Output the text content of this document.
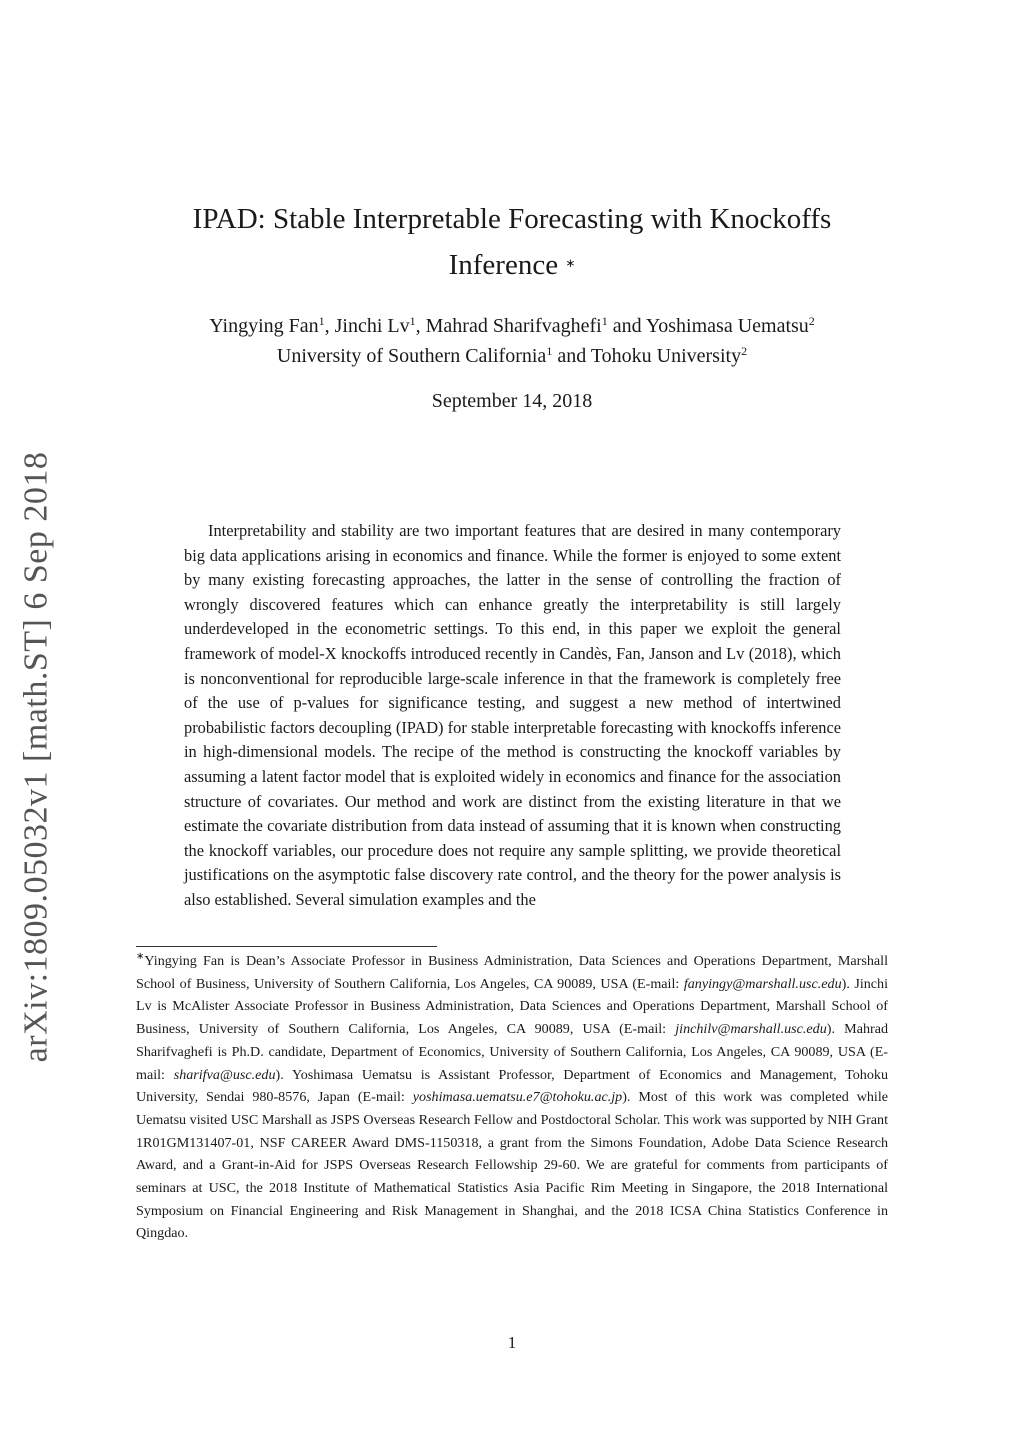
arXiv:1809.05032v1 [math.ST] 6 Sep 2018
IPAD: Stable Interpretable Forecasting with Knockoffs
Inference ∗
Yingying Fan$^1$, Jinchi Lv$^1$, Mahrad Sharifvaghefi$^1$ and Yoshimasa Uematsu$^2$
University of Southern California$^1$ and Tohoku University$^2$
September 14, 2018

Interpretability and stability are two important features that are desired in many contemporary big data applications arising in economics and finance. While the former is enjoyed to some extent by many existing forecasting approaches, the latter in the sense of controlling the fraction of wrongly discovered features which can enhance greatly the interpretability is still largely underdeveloped in the econometric settings. To this end, in this paper we exploit the general framework of model-X knockoffs introduced recently in Candès, Fan, Janson and Lv (2018), which is nonconventional for reproducible large-scale inference in that the framework is completely free of the use of p-values for significance testing, and suggest a new method of intertwined probabilistic factors decoupling (IPAD) for stable interpretable forecasting with knockoffs inference in high-dimensional models. The recipe of the method is constructing the knockoff variables by assuming a latent factor model that is exploited widely in economics and finance for the association structure of covariates. Our method and work are distinct from the existing literature in that we estimate the covariate distribution from data instead of assuming that it is known when constructing the knockoff variables, our procedure does not require any sample splitting, we provide theoretical justifications on the asymptotic false discovery rate control, and the theory for the power analysis is also established. Several simulation examples and the

∗Yingying Fan is Dean’s Associate Professor in Business Administration, Data Sciences and Operations Department, Marshall School of Business, University of Southern California, Los Angeles, CA 90089, USA (E-mail: fanyingy@marshall.usc.edu). Jinchi Lv is McAlister Associate Professor in Business Administration, Data Sciences and Operations Department, Marshall School of Business, University of Southern California, Los Angeles, CA 90089, USA (E-mail: jinchilv@marshall.usc.edu). Mahrad Sharifvaghefi is Ph.D. candidate, Department of Economics, University of Southern California, Los Angeles, CA 90089, USA (E-mail: sharifva@usc.edu). Yoshimasa Uematsu is Assistant Professor, Department of Economics and Management, Tohoku University, Sendai 980-8576, Japan (E-mail: yoshimasa.uematsu.e7@tohoku.ac.jp). Most of this work was completed while Uematsu visited USC Marshall as JSPS Overseas Research Fellow and Postdoctoral Scholar. This work was supported by NIH Grant 1R01GM131407-01, NSF CAREER Award DMS-1150318, a grant from the Simons Foundation, Adobe Data Science Research Award, and a Grant-in-Aid for JSPS Overseas Research Fellowship 29-60. We are grateful for comments from participants of seminars at USC, the 2018 Institute of Mathematical Statistics Asia Pacific Rim Meeting in Singapore, the 2018 International Symposium on Financial Engineering and Risk Management in Shanghai, and the 2018 ICSA China Statistics Conference in Qingdao.

1
